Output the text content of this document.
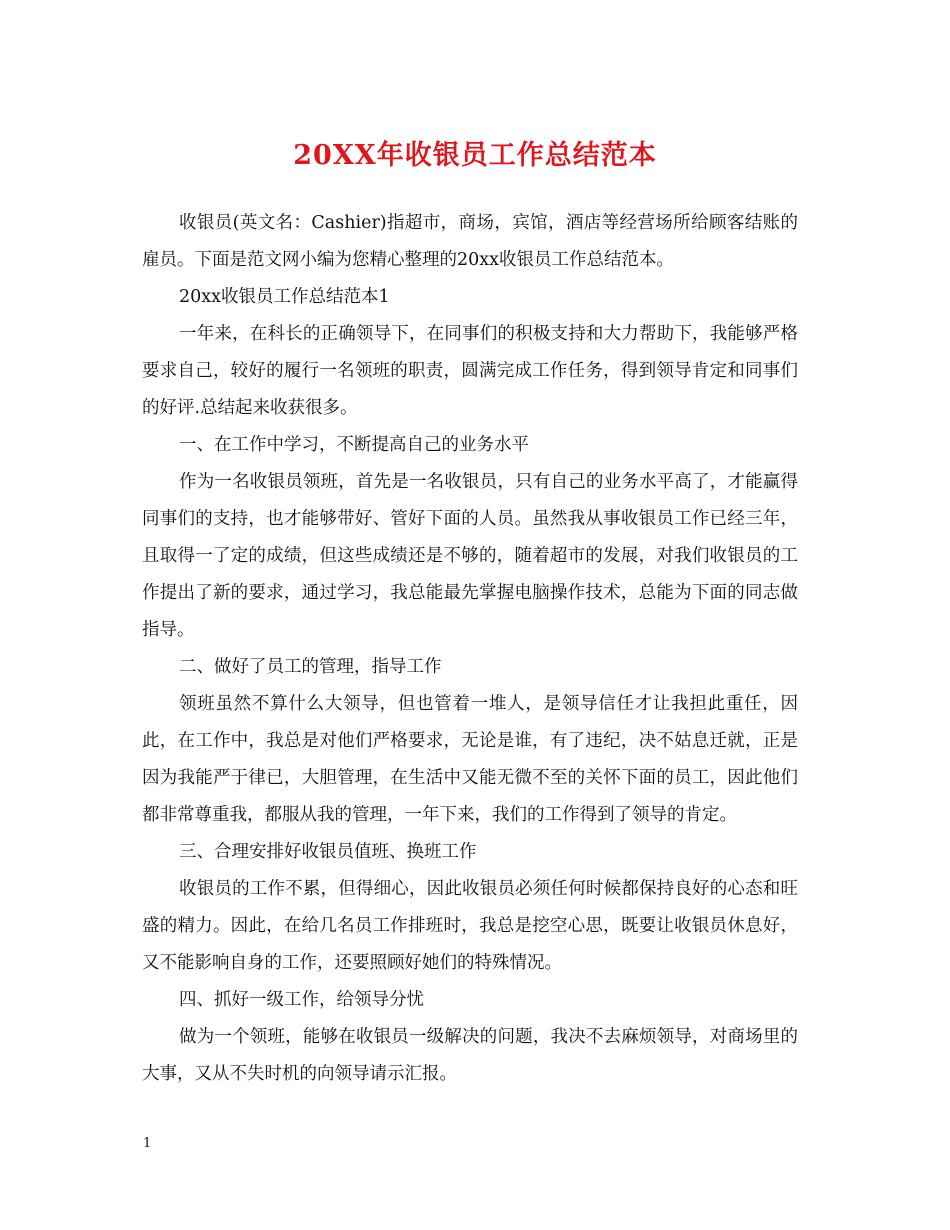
20XX年收银员工作总结范本

收银员(英文名：Cashier)指超市，商场，宾馆，酒店等经营场所给顾客结账的雇员。下面是范文网小编为您精心整理的20xx收银员工作总结范本。

20xx收银员工作总结范本1

一年来，在科长的正确领导下，在同事们的积极支持和大力帮助下，我能够严格要求自己，较好的履行一名领班的职责，圆满完成工作任务，得到领导肯定和同事们的好评.总结起来收获很多。

一、在工作中学习，不断提高自己的业务水平

作为一名收银员领班，首先是一名收银员，只有自己的业务水平高了，才能赢得同事们的支持，也才能够带好、管好下面的人员。虽然我从事收银员工作已经三年，且取得一了定的成绩，但这些成绩还是不够的，随着超市的发展，对我们收银员的工作提出了新的要求，通过学习，我总能最先掌握电脑操作技术，总能为下面的同志做指导。

二、做好了员工的管理，指导工作

领班虽然不算什么大领导，但也管着一堆人，是领导信任才让我担此重任，因此，在工作中，我总是对他们严格要求，无论是谁，有了违纪，决不姑息迁就，正是因为我能严于律已，大胆管理，在生活中又能无微不至的关怀下面的员工，因此他们都非常尊重我，都服从我的管理，一年下来，我们的工作得到了领导的肯定。

三、合理安排好收银员值班、换班工作

收银员的工作不累，但得细心，因此收银员必须任何时候都保持良好的心态和旺盛的精力。因此，在给几名员工作排班时，我总是挖空心思，既要让收银员休息好，又不能影响自身的工作，还要照顾好她们的特殊情况。

四、抓好一级工作，给领导分忧

做为一个领班，能够在收银员一级解决的问题，我决不去麻烦领导，对商场里的大事，又从不失时机的向领导请示汇报。

1
